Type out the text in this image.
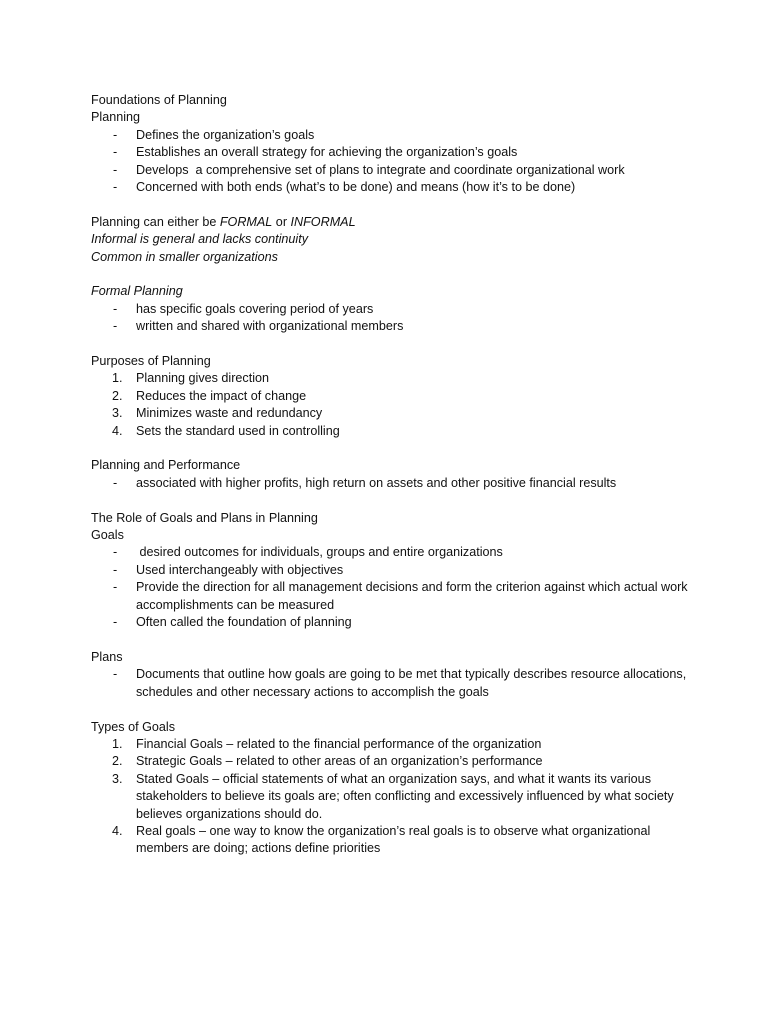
Foundations of Planning
Planning
-	Defines the organization’s goals
-	Establishes an overall strategy for achieving the organization’s goals
-	Develops  a comprehensive set of plans to integrate and coordinate organizational work
-	Concerned with both ends (what’s to be done) and means (how it’s to be done)
Planning can either be FORMAL or INFORMAL
Informal is general and lacks continuity
Common in smaller organizations
Formal Planning
-	has specific goals covering period of years
-	written and shared with organizational members
Purposes of Planning
1.	Planning gives direction
2.	Reduces the impact of change
3.	Minimizes waste and redundancy
4.	Sets the standard used in controlling
Planning and Performance
-	associated with higher profits, high return on assets and other positive financial results
The Role of Goals and Plans in Planning
Goals
-	desired outcomes for individuals, groups and entire organizations
-	Used interchangeably with objectives
-	Provide the direction for all management decisions and form the criterion against which actual work accomplishments can be measured
-	Often called the foundation of planning
Plans
-	Documents that outline how goals are going to be met that typically describes resource allocations, schedules and other necessary actions to accomplish the goals
Types of Goals
1.	Financial Goals – related to the financial performance of the organization
2.	Strategic Goals – related to other areas of an organization’s performance
3.	Stated Goals – official statements of what an organization says, and what it wants its various stakeholders to believe its goals are; often conflicting and excessively influenced by what society believes organizations should do.
4.	Real goals – one way to know the organization’s real goals is to observe what organizational members are doing; actions define priorities
